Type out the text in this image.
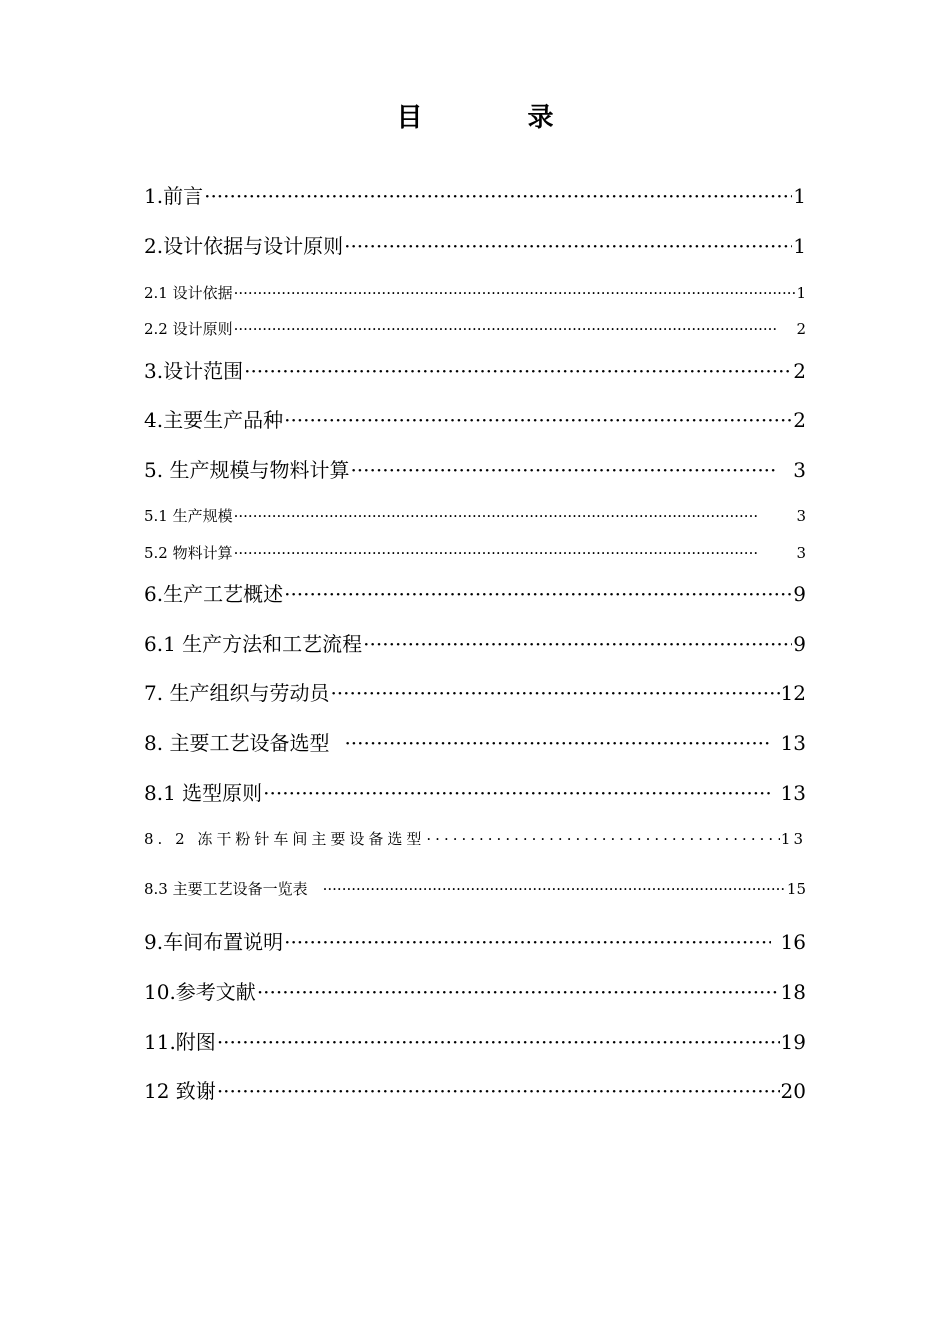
目 录
1.前言 ·····	1
2.设计依据与设计原则 ·····	1
2.1 设计依据 ·····	1
2.2 设计原则 ·····	2
3.设计范围 ·····	2
4.主要生产品种 ·····	2
5. 生产规模与物料计算 ·····	3
5.1 生产规模 ·····	3
5.2 物料计算 ·····	3
6.生产工艺概述 ·····	9
6.1 生产方法和工艺流程 ·····	9
7. 生产组织与劳动员 ·····	12
8. 主要工艺设备选型 ·····	13
8.1 选型原则 ·····	13
8. 2 冻干粉针车间主要设备选型 ·····	13
8.3 主要工艺设备一览表 ·····	15
9.车间布置说明 ·····	16
10.参考文献 ·····	18
11.附图 ·····	19
12 致谢 ·····	20
